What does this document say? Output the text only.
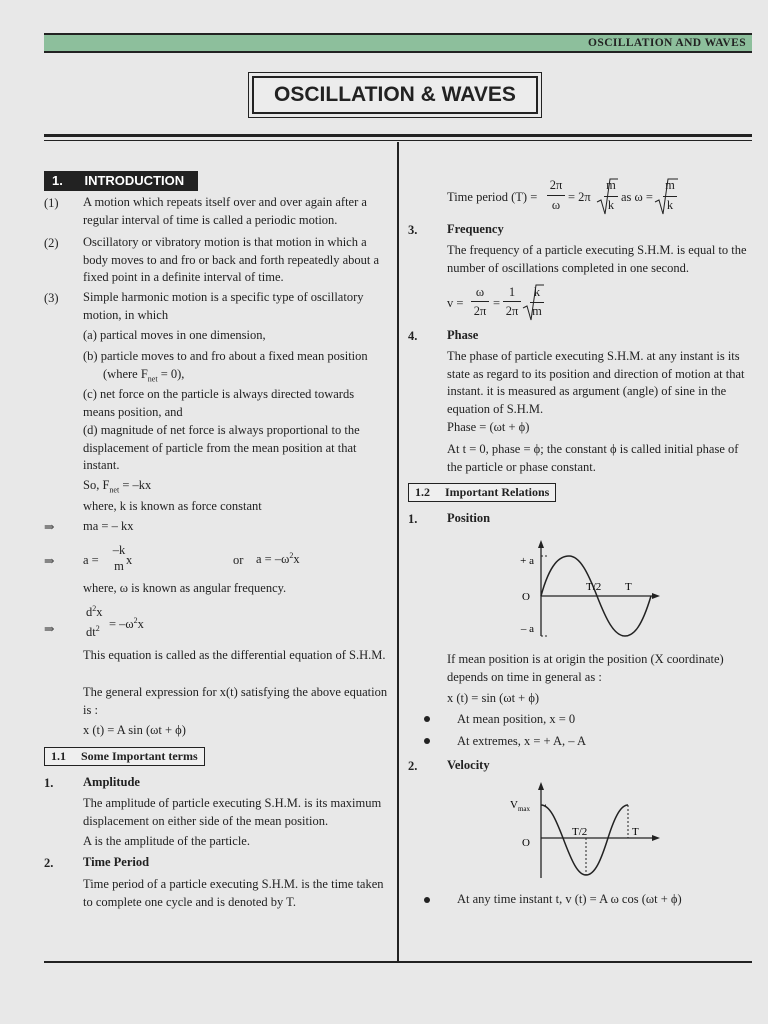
OSCILLATION AND WAVES
OSCILLATION & WAVES
1. INTRODUCTION
(1) A motion which repeats itself over and over again after a regular interval of time is called a periodic motion.
(2) Oscillatory or vibratory motion is that motion in which a body moves to and fro or back and forth repeatedly about a fixed point in a definite interval of time.
(3) Simple harmonic motion is a specific type of oscillatory motion, in which
(a) partical moves in one dimension,
(b) particle moves to and fro about a fixed mean position
(where $F_{net} = 0$),
(c) net force on the particle is always directed towards means position, and
(d) magnitude of net force is always proportional to the displacement of particle from the mean position at that instant.
So, $F_{net} = -kx$
where, k is known as force constant
⇒ ma = – kx
⇒ a =
–k
m x	or $a = -\omega^2x$
where, ω is known as angular frequency.
⇒
$d^2x$
$dt^2 = -\omega^2x$
This equation is called as the differential equation of S.H.M.
The general expression for x(t) satisfying the above equation is :
x (t) = A sin (ωt + ϕ)
1.1 Some Important terms
1. Amplitude
The amplitude of particle executing S.H.M. is its maximum displacement on either side of the mean position.
A is the amplitude of the particle.
2. Time Period
Time period of a particle executing S.H.M. is the time taken to complete one cycle and is denoted by T.
Time period (T) =
2π
ω
= 2π
m
k
as ω =
m
k
3. Frequency
The frequency of a particle executing S.H.M. is equal to the number of oscillations completed in one second.
v =
ω
2π
=
1
2π
k
m
4. Phase
The phase of particle executing S.H.M. at any instant is its state as regard to its position and direction of motion at that instant. it is measured as argument (angle) of sine in the equation of S.H.M.
Phase = (ωt + ϕ)
At t = 0, phase = ϕ; the constant ϕ is called initial phase of the particle or phase constant.
1.2 Important Relations
1. Position
+ a
O
– a
T/2 T
If mean position is at origin the position (X coordinate) depends on time in general as :
x (t) = sin (ωt + ϕ)
At mean position, x = 0
At extremes, x = + A, – A
2. Velocity
$V_{max}$
O
T/2	T
At any time instant t, v (t) = A ω cos (ωt + ϕ)
